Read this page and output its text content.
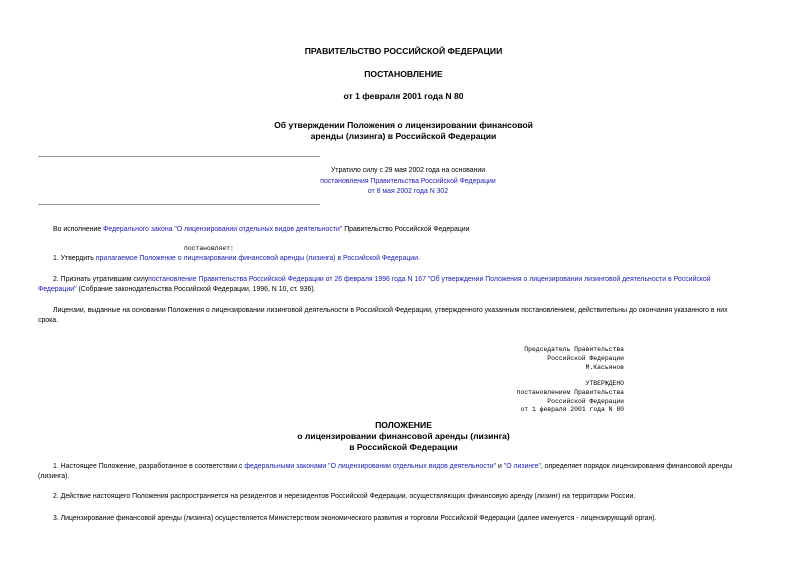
ПРАВИТЕЛЬСТВО РОССИЙСКОЙ ФЕДЕРАЦИИ
ПОСТАНОВЛЕНИЕ
от 1 февраля 2001 года N 80
Об утверждении Положения о лицензировании финансовой
аренды (лизинга) в Российской Федерации
Утратило силу с 29 мая 2002 года на основании
постановления Правительства Российской Федерации
от 8 мая 2002 года N 302
Во исполнение Федерального закона "О лицензировании отдельных видов деятельности" Правительство Российской Федерации
постановляет:
1. Утвердить прилагаемое Положение о лицензировании финансовой аренды (лизинга) в Российской Федерации.
2. Признать утратившим силупостановление Правительства Российской Федерации от 26 февраля 1996 года N 167 "Об утверждении Положения о лицензировании лизинговой деятельности в Российской
Федерации" (Собрание законодательства Российской Федерации, 1996, N 10, ст. 936).
Лицензии, выданные на основании Положения о лицензировании лизинговой деятельности в Российской Федерации, утвержденного указанным постановлением, действительны до окончания указанного в них
срока.
Председатель Правительства
Российской Федерации
М.Касьянов
УТВЕРЖДЕНО
постановлением Правительства
Российской Федерации
от 1 февраля 2001 года N 80
ПОЛОЖЕНИЕ
о лицензировании финансовой аренды (лизинга)
в Российской Федерации
1. Настоящее Положение, разработанное в соответствии с федеральными законами "О лицензировании отдельных видов деятельности" и "О лизинге", определяет порядок лицензирования финансовой аренды
(лизинга).
2. Действие настоящего Положения распространяется на резидентов и нерезидентов Российской Федерации, осуществляющих финансовую аренду (лизинг) на территории России.
3. Лицензирование финансовой аренды (лизинга) осуществляется Министерством экономического развития и торговли Российской Федерации (далее именуется - лицензирующий орган).
